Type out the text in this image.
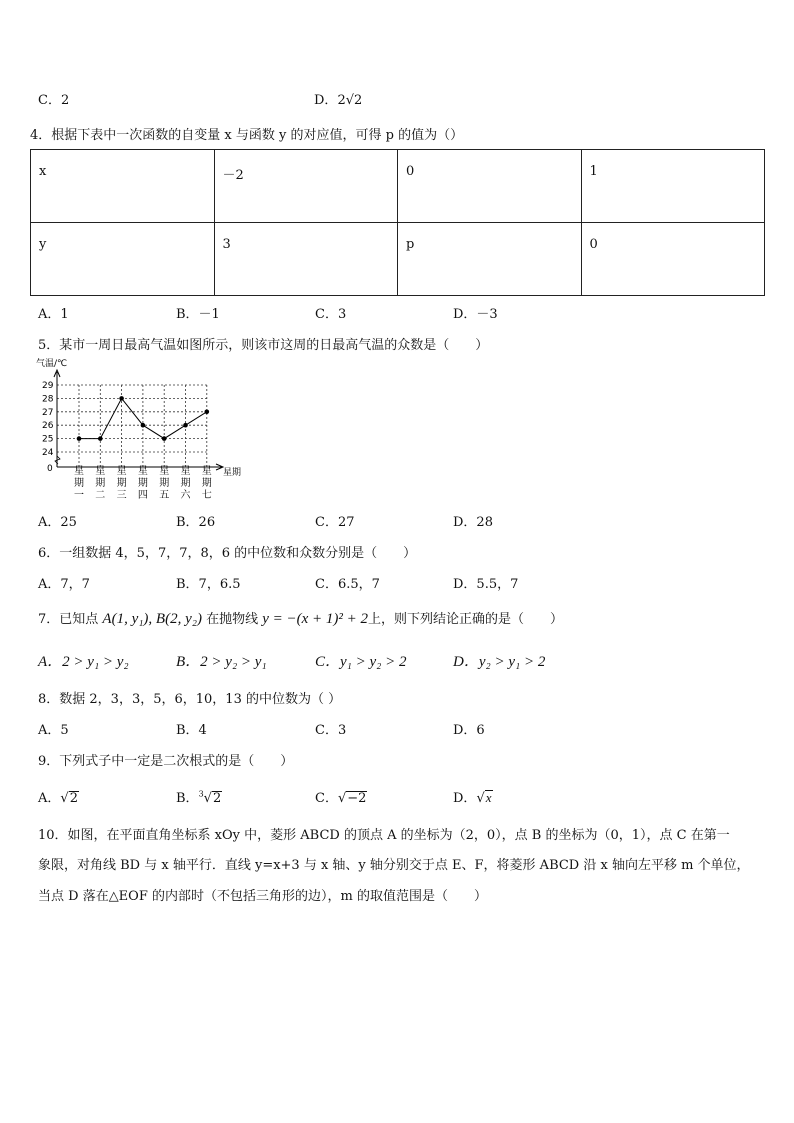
C．2	D．2√2
4．根据下表中一次函数的自变量 x 与函数 y 的对应值，可得 p 的值为（）
x	－2	0	1
y	3	p	0
A．1	B．－1	C．3	D．－3
5．某市一周日最高气温如图所示，则该市这周的日最高气温的众数是（　　）
气温/℃
星期
29
28
27
26
25
24
0 星
期
一
星
期
二
星
期
三
星
期
四
星
期
五
星
期
六
星
期
七
A．25	B．26	C．27	D．28
6．一组数据 4，5，7，7，8，6 的中位数和众数分别是（　　）
A．7，7	B．7，6.5	C．6.5，7	D．5.5，7
7．已知点 A(1, y₁), B(2, y₂) 在抛物线 y = −(x + 1)² + 2上，则下列结论正确的是（　　）
A．2 > y₁ > y₂	B．2 > y₂ > y₁	C．y₁ > y₂ > 2	D．y₂ > y₁ > 2
8．数据 2，3，3，5，6，10，13 的中位数为（ ）
A．5	B．4	C．3	D．6
9．下列式子中一定是二次根式的是（　　）
A．√2	B．$^3$√2	C．√−2	D．√x
10．如图，在平面直角坐标系 xOy 中，菱形 ABCD 的顶点 A 的坐标为（2，0），点 B 的坐标为（0，1），点 C 在第一
象限，对角线 BD 与 x 轴平行．直线 y=x+3 与 x 轴、y 轴分别交于点 E、F，将菱形 ABCD 沿 x 轴向左平移 m 个单位，
当点 D 落在△EOF 的内部时（不包括三角形的边），m 的取值范围是（　　）
